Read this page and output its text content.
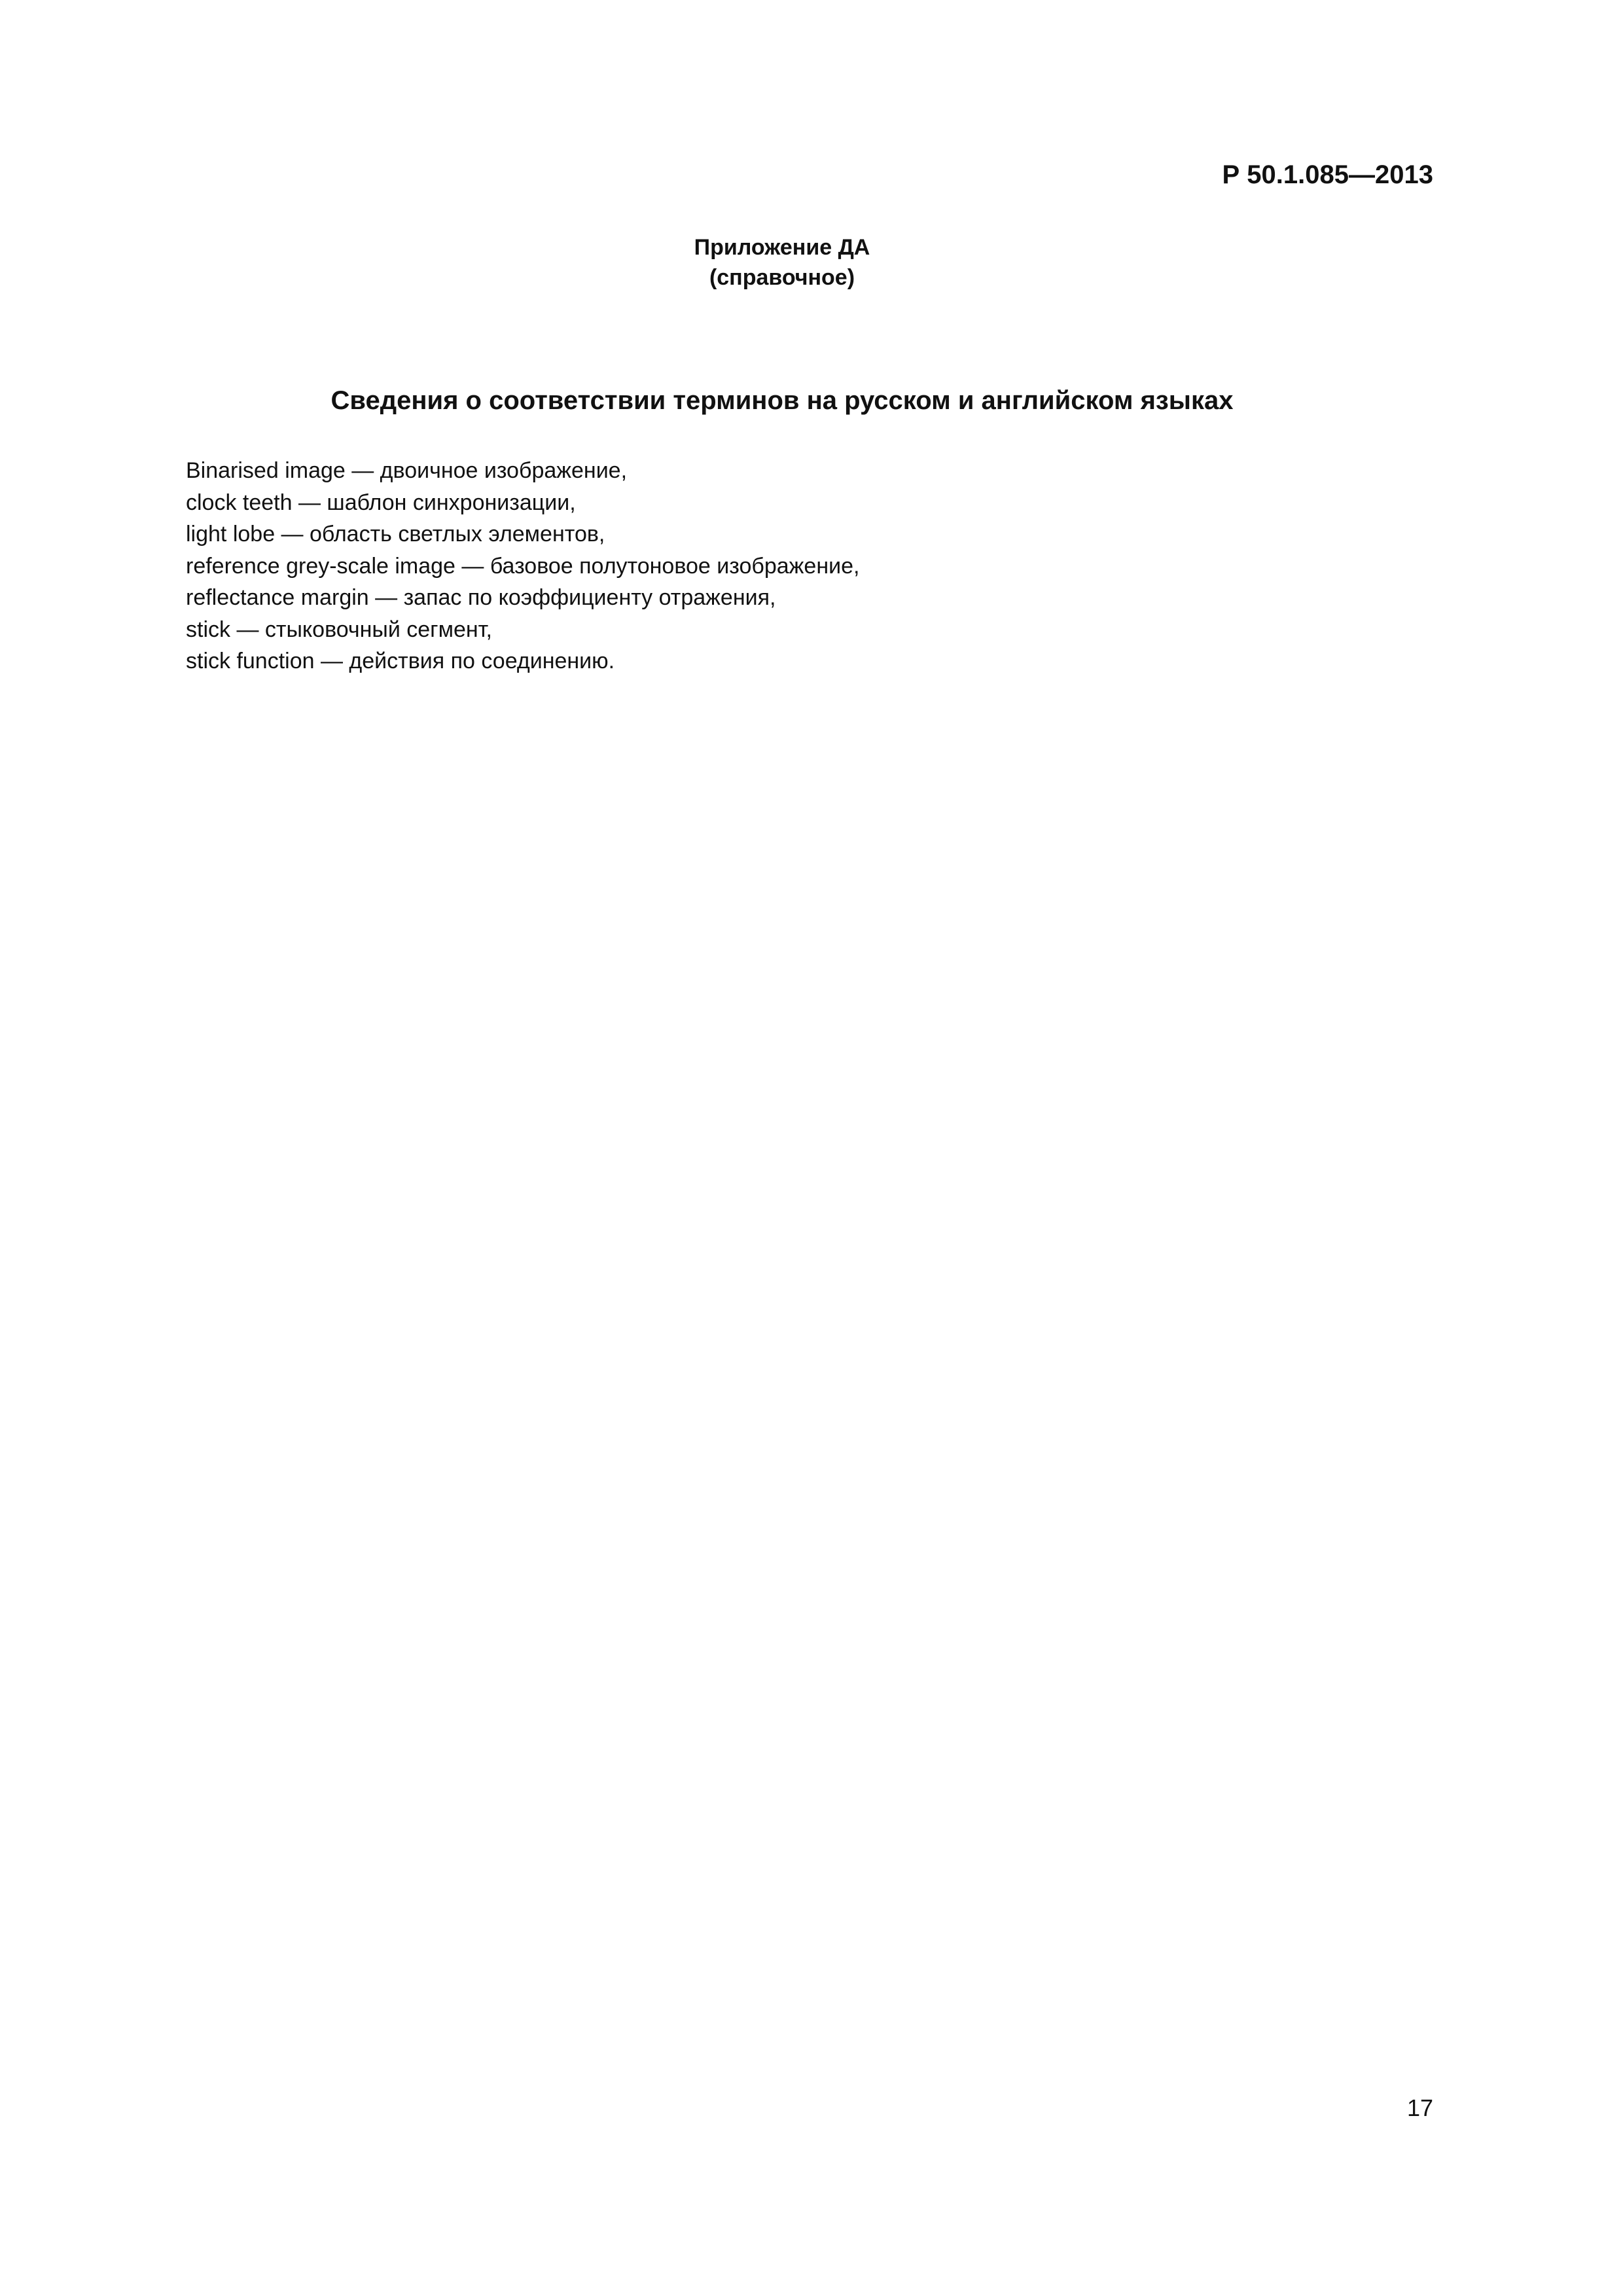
Р 50.1.085—2013
Приложение ДА
(справочное)
Сведения о соответствии терминов на русском и английском языках
Binarised image — двоичное изображение,
clock teeth — шаблон синхронизации,
light lobe — область светлых элементов,
reference grey-scale image — базовое полутоновое изображение,
reflectance margin — запас по коэффициенту отражения,
stick — стыковочный сегмент,
stick function — действия по соединению.
17
